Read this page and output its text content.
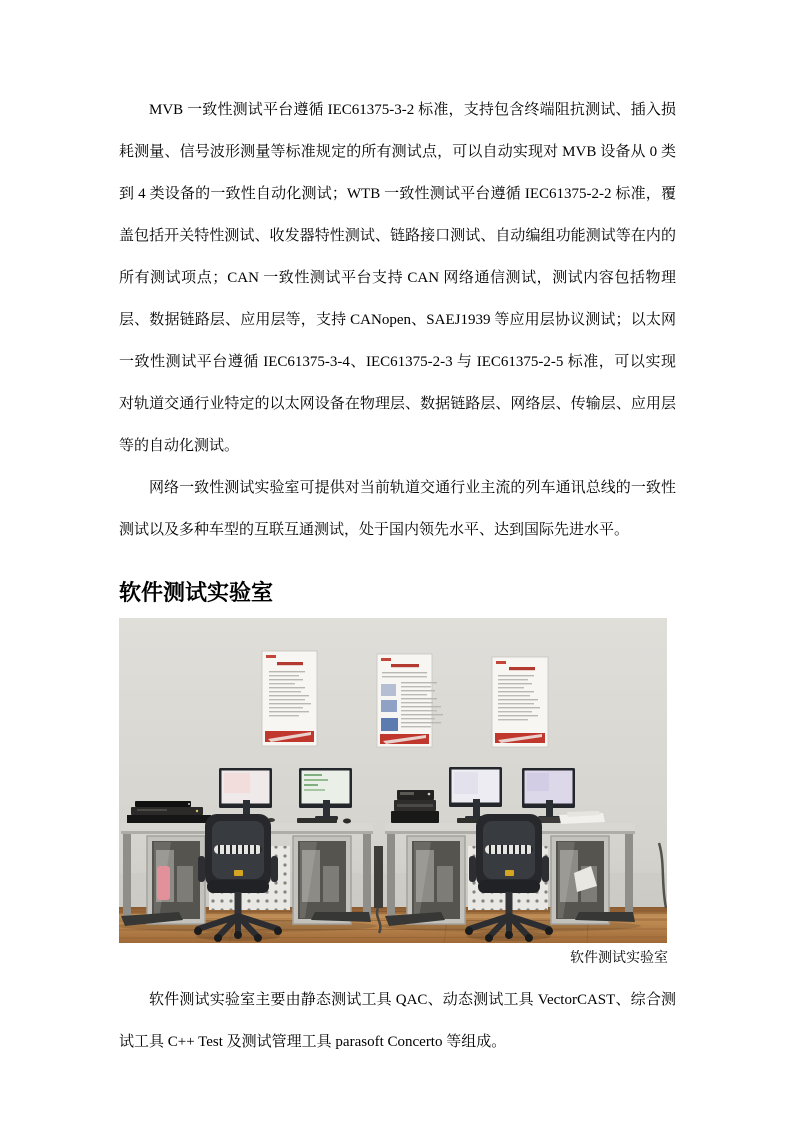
MVB 一致性测试平台遵循 IEC61375-3-2 标准，支持包含终端阻抗测试、插入损耗测量、信号波形测量等标准规定的所有测试点，可以自动实现对 MVB 设备从 0 类到 4 类设备的一致性自动化测试；WTB 一致性测试平台遵循 IEC61375-2-2 标准，覆盖包括开关特性测试、收发器特性测试、链路接口测试、自动编组功能测试等在内的所有测试项点；CAN 一致性测试平台支持 CAN 网络通信测试，测试内容包括物理层、数据链路层、应用层等，支持 CANopen、SAEJ1939 等应用层协议测试；以太网一致性测试平台遵循 IEC61375-3-4、IEC61375-2-3 与 IEC61375-2-5 标准，可以实现对轨道交通行业特定的以太网设备在物理层、数据链路层、网络层、传输层、应用层等的自动化测试。

网络一致性测试实验室可提供对当前轨道交通行业主流的列车通讯总线的一致性测试以及多种车型的互联互通测试，处于国内领先水平、达到国际先进水平。

软件测试实验室
软件测试实验室

软件测试实验室主要由静态测试工具 QAC、动态测试工具 VectorCAST、综合测试工具 C++ Test 及测试管理工具 parasoft Concerto 等组成。
